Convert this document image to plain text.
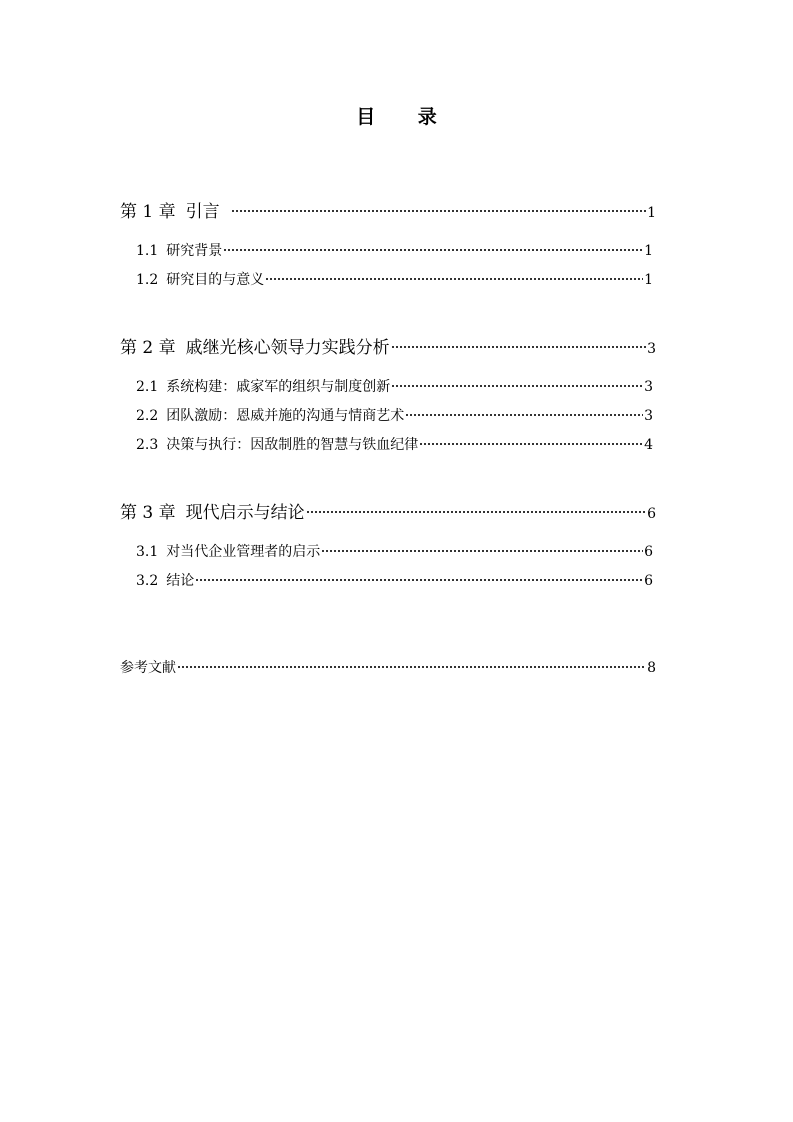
目 录
第 1 章 引言	1
1.1 研究背景	1
1.2 研究目的与意义	1
第 2 章 戚继光核心领导力实践分析	3
2.1 系统构建：戚家军的组织与制度创新	3
2.2 团队激励：恩威并施的沟通与情商艺术	3
2.3 决策与执行：因敌制胜的智慧与铁血纪律	4
第 3 章 现代启示与结论	6
3.1 对当代企业管理者的启示	6
3.2 结论	6
参考文献	8
